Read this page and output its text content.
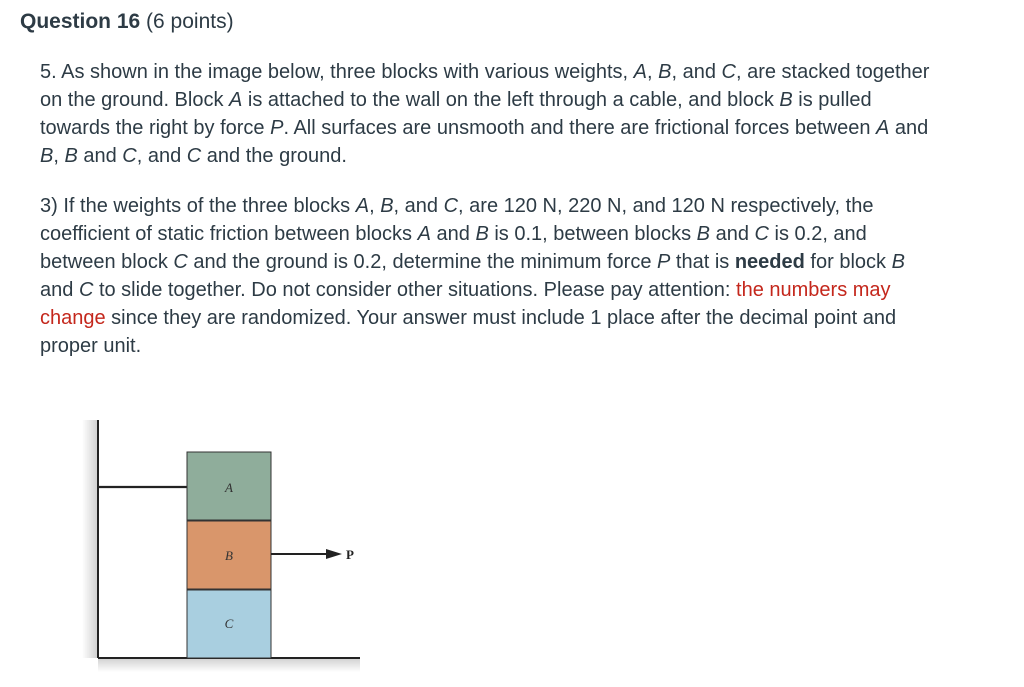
Question 16 (6 points)

5. As shown in the image below, three blocks with various weights, A, B, and C, are stacked together on the ground. Block A is attached to the wall on the left through a cable, and block B is pulled towards the right by force P. All surfaces are unsmooth and there are frictional forces between A and B, B and C, and C and the ground.

3) If the weights of the three blocks A, B, and C, are 120 N, 220 N, and 120 N respectively, the coefficient of static friction between blocks A and B is 0.1, between blocks B and C is 0.2, and between block C and the ground is 0.2, determine the minimum force P that is needed for block B and C to slide together. Do not consider other situations. Please pay attention: the numbers may change since they are randomized. Your answer must include 1 place after the decimal point and proper unit.

A
B
C
P
